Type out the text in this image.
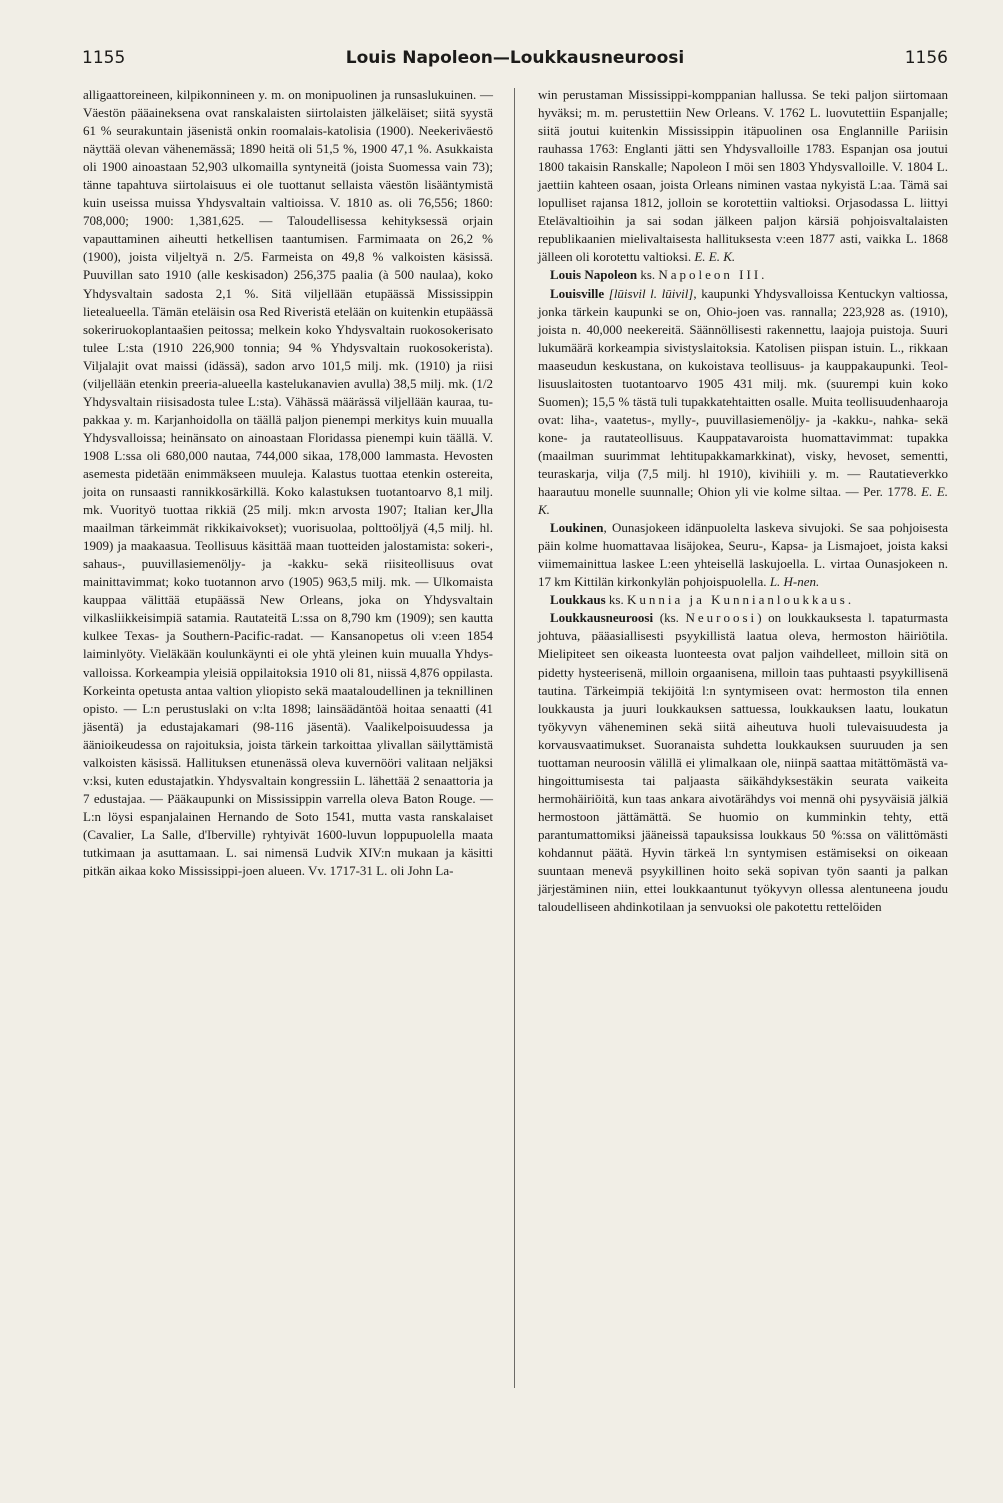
1155	Louis Napoleon—Loukkausneuroosi	1156

alligaattoreineen, kilpikonnineen y. m. on monipuolinen ja runsaslukuinen. — Väestön pääaineksena ovat ranskalaisten siirtolaisten jälkeläiset; siitä syystä 61 % seurakuntain jäsenistä onkin roomalais-katolisia (1900). Neekeriväestö näyttää olevan vähenemässä; 1890 heitä oli 51,5 %, 1900 47,1 %. Asukkaista oli 1900 ainoastaan 52,903 ulkomailla syntyneitä (joista Suomessa vain 73); tänne tapahtuva siirtolaisuus ei ole tuottanut sellaista väestön lisääntymistä kuin useissa muissa Yhdysvaltain valtioissa. V. 1810 as. oli 76,556; 1860: 708,000; 1900: 1,381,625. — Taloudellisessa kehityksessä orjain vapauttaminen aiheutti hetkellisen taantumisen. Farmimaata on 26,2 % (1900), joista viljeltyä n. 2/5. Farmeista on 49,8 % valkoisten käsissä. Puuvillan sato 1910 (alle keskisadon) 256,375 paalia (à 500 naulaa), koko Yhdysvaltain sadosta 2,1 %. Sitä viljellään etupäässä Mississippin lietealueella. Tämän eteläisin osa Red Riveristä etelään on kuitenkin etupäässä sokeriruokoplantaašien peitossa; melkein koko Yhdysvaltain ruokosokerisato tulee L:sta (1910 226,900 tonnia; 94 % Yhdysvaltain ruokosokerista). Viljalajit ovat maissi (idässä), sadon arvo 101,5 milj. mk. (1910) ja riisi (viljellään etenkin preeria-alueella kastelukanavien avulla) 38,5 milj. mk. (1/2 Yhdysvaltain riisisadosta tulee L:sta). Vähässä määrässä viljellään kauraa, tupakkaa y. m. Karjanhoidolla on täällä paljon pienempi merkitys kuin muualla Yhdysvalloissa; heinänsato on ainoastaan Floridassa pienempi kuin täällä. V. 1908 L:ssa oli 680,000 nautaa, 744,000 sikaa, 178,000 lammasta. Hevosten asemesta pidetään enimmäkseen muuleja. Kalastus tuottaa etenkin ostereita, joita on runsaasti rannikkosärkillä. Koko kalastuksen tuotantoarvo 8,1 milj. mk. Vuorityö tuottaa rikkiä (25 milj. mk:n arvosta 1907; Italian kerالla maailman tärkeimmät rikkikaivokset); vuorisuolaa, polttoöljyä (4,5 milj. hl. 1909) ja maakaasua. Teollisuus käsittää maan tuotteiden jalostamista: sokeri-, sahaus-, puuvillasiemenöljy- ja -kakku- sekä riisiteollisuus ovat mainittavimmat; koko tuotannon arvo (1905) 963,5 milj. mk. — Ulkomaista kauppaa välittää etupäässä New Orleans, joka on Yhdysvaltain vilkasliikkeisimpiä satamia. Rautateitä L:ssa on 8,790 km (1909); sen kautta kulkee Texas- ja Southern-Pacific-radat. — Kansanopetus oli v:een 1854 laiminlyöty. Vieläkään koulunkäynti ei ole yhtä yleinen kuin muualla Yhdysvalloissa. Korkeampia yleisiä oppilaitoksia 1910 oli 81, niissä 4,876 oppilasta. Korkeinta opetusta antaa valtion yliopisto sekä maataloudellinen ja teknillinen opisto. — L:n perustuslaki on v:lta 1898; lainsäädäntöä hoitaa senaatti (41 jäsentä) ja edustajakamari (98-116 jäsentä). Vaalikelpoisuudessa ja äänioikeudessa on rajoituksia, joista tärkein tarkoittaa ylivallan säilyttämistä valkoisten käsissä. Hallituksen etunenässä oleva kuvernööri valitaan neljäksi v:ksi, kuten edustajatkin. Yhdysvaltain kongressiin L. lähettää 2 senaattoria ja 7 edustajaa. — Pääkaupunki on Mississippin varrella oleva Baton Rouge. — L:n löysi espanjalainen Hernando de Soto 1541, mutta vasta ranskalaiset (Cavalier, La Salle, d'Iberville) ryhtyivät 1600-luvun loppupuolella maata tutkimaan ja asuttamaan. L. sai nimensä Ludvik XIV:n mukaan ja käsitti pitkän aikaa koko Mississippi-joen alueen. Vv. 1717-31 L. oli John La-

win perustaman Mississippi-komppanian hallussa. Se teki paljon siirtomaan hyväksi; m. m. perustettiin New Orleans. V. 1762 L. luovutettiin Espanjalle; siitä joutui kuitenkin Mississippin itäpuolinen osa Englannille Pariisin rauhassa 1763: Englanti jätti sen Yhdysvalloille 1783. Espanjan osa joutui 1800 takaisin Ranskalle; Napoleon I möi sen 1803 Yhdysvalloille. V. 1804 L. jaettiin kahteen osaan, joista Orleans niminen vastaa nykyistä L:aa. Tämä sai lopulliset rajansa 1812, jolloin se korotettiin valtioksi. Orjasodassa L. liittyi Etelävaltioihin ja sai sodan jälkeen paljon kärsiä pohjoisvaltalaisten republikaanien mielivaltaisesta hallituksesta v:een 1877 asti, vaikka L. 1868 jälleen oli korotettu valtioksi. E. E. K.

Louis Napoleon ks. Napoleon III.

Louisville [lūisvil l. lūivil], kaupunki Yhdysvalloissa Kentuckyn valtiossa, jonka tärkein kaupunki se on, Ohio-joen vas. rannalla; 223,928 as. (1910), joista n. 40,000 neekereitä. Säännöllisesti rakennettu, laajoja puistoja. Suuri lukumäärä korkeampia sivistyslaitoksia. Katolisen piispan istuin. L., rikkaan maaseudun keskustana, on kukoistava teollisuus- ja kauppakaupunki. Teollisuuslaitosten tuotantoarvo 1905 431 milj. mk. (suurempi kuin koko Suomen); 15,5 % tästä tuli tupakkatehtaitten osalle. Muita teollisuudenhaaroja ovat: liha-, vaatetus-, mylly-, puuvillasiemenöljy- ja -kakku-, nahka- sekä kone- ja rautateollisuus. Kauppatavaroista huomattavimmat: tupakka (maailman suurimmat lehtitupakkamarkkinat), visky, hevoset, sementti, teuraskarja, vilja (7,5 milj. hl 1910), kivihiili y. m. — Rautatieverkko haarautuu monelle suunnalle; Ohion yli vie kolme siltaa. — Per. 1778. E. E. K.

Loukinen, Ounasjokeen idänpuolelta laskeva sivujoki. Se saa pohjoisesta päin kolme huomattavaa lisäjokea, Seuru-, Kapsa- ja Lismajoet, joista kaksi viimemainittua laskee L:een yhteisellä laskujoella. L. virtaa Ounasjokeen n. 17 km Kittilän kirkonkylän pohjoispuolella. L. H-nen.

Loukkaus ks. Kunnia ja Kunnianloukkaus.

Loukkausneuroosi (ks. Neuroosi) on loukkauksesta l. tapaturmasta johtuva, pääasiallisesti psyykillistä laatua oleva, hermoston häiriötila. Mielipiteet sen oikeasta luonteesta ovat paljon vaihdelleet, milloin sitä on pidetty hysteerisenä, milloin orgaanisena, milloin taas puhtaasti psyykillisenä tautina. Tärkeimpiä tekijöitä l:n syntymiseen ovat: hermoston tila ennen loukkausta ja juuri loukkauksen sattuessa, loukkauksen laatu, loukatun työkyvyn väheneminen sekä siitä aiheutuva huoli tulevaisuudesta ja korvausvaatimukset. Suoranaista suhdetta loukkauksen suuruuden ja sen tuottaman neuroosin välillä ei ylimalkaan ole, niinpä saattaa mitättömästä vahingoittumisesta tai paljaasta säikähdyksestäkin seurata vaikeita hermohäiriöitä, kun taas ankara aivotärähdys voi mennä ohi pysyväisiä jälkiä hermostoon jättämättä. Se huomio on kumminkin tehty, että parantumattomiksi jääneissä tapauksissa loukkaus 50 %:ssa on välittömästi kohdannut päätä. Hyvin tärkeä l:n syntymisen estämiseksi on oikeaan suuntaan menevä psyykillinen hoito sekä sopivan työn saanti ja palkan järjestäminen niin, ettei loukkaantunut työkyvyn ollessa alentuneena joudu taloudelliseen ahdinkotilaan ja senvuoksi ole pakotettu rettelöiden
